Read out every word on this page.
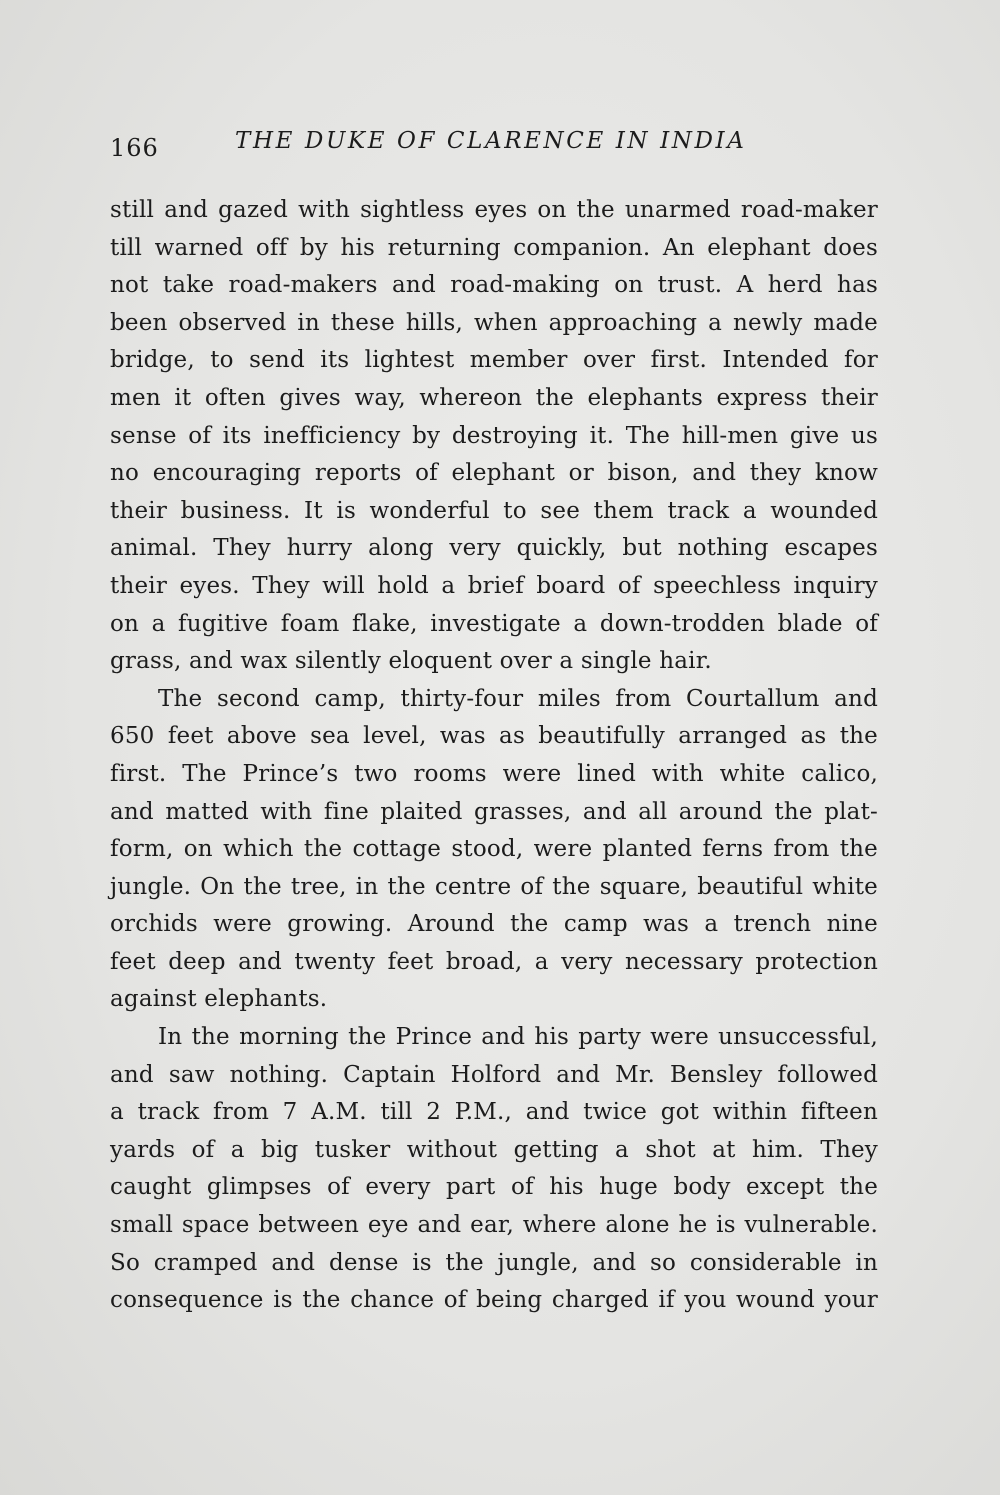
166	THE DUKE OF CLARENCE IN INDIA
still and gazed with sightless eyes on the unarmed road-maker
till warned off by his returning companion. An elephant does
not take road-makers and road-making on trust. A herd has
been observed in these hills, when approaching a newly made
bridge, to send its lightest member over first. Intended for
men it often gives way, whereon the elephants express their
sense of its inefficiency by destroying it. The hill-men give us
no encouraging reports of elephant or bison, and they know
their business. It is wonderful to see them track a wounded
animal. They hurry along very quickly, but nothing escapes
their eyes. They will hold a brief board of speechless inquiry
on a fugitive foam flake, investigate a down-trodden blade of
grass, and wax silently eloquent over a single hair.
The second camp, thirty-four miles from Courtallum and
650 feet above sea level, was as beautifully arranged as the
first. The Prince’s two rooms were lined with white calico,
and matted with fine plaited grasses, and all around the plat-
form, on which the cottage stood, were planted ferns from the
jungle. On the tree, in the centre of the square, beautiful white
orchids were growing. Around the camp was a trench nine
feet deep and twenty feet broad, a very necessary protection
against elephants.
In the morning the Prince and his party were unsuccessful,
and saw nothing. Captain Holford and Mr. Bensley followed
a track from 7 A.M. till 2 P.M., and twice got within fifteen
yards of a big tusker without getting a shot at him. They
caught glimpses of every part of his huge body except the
small space between eye and ear, where alone he is vulnerable.
So cramped and dense is the jungle, and so considerable in
consequence is the chance of being charged if you wound your
